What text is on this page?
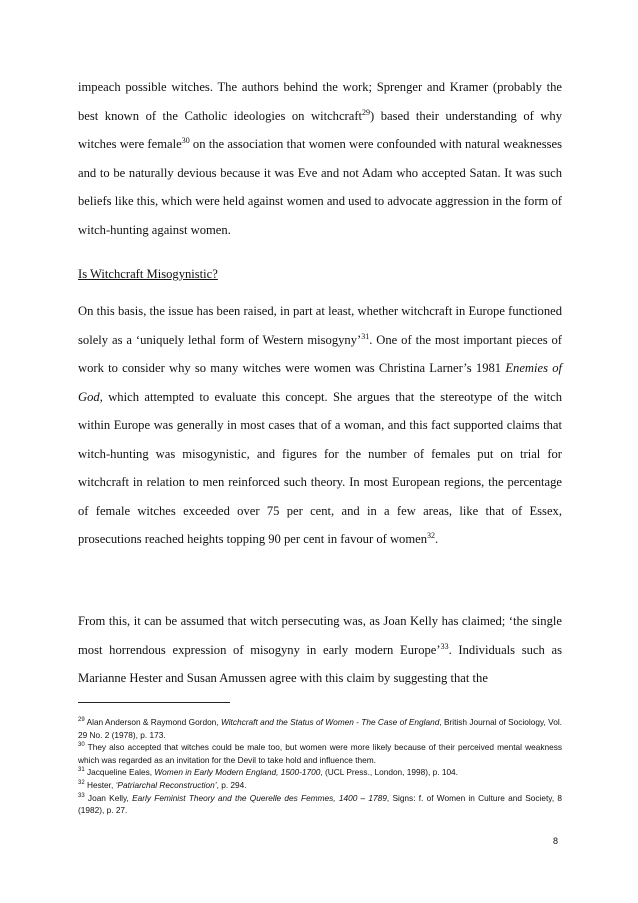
impeach possible witches. The authors behind the work; Sprenger and Kramer (probably the best known of the Catholic ideologies on witchcraft$^{29}$) based their understanding of why witches were female$^{30}$ on the association that women were confounded with natural weaknesses and to be naturally devious because it was Eve and not Adam who accepted Satan. It was such beliefs like this, which were held against women and used to advocate aggression in the form of witch-hunting against women.

Is Witchcraft Misogynistic?

On this basis, the issue has been raised, in part at least, whether witchcraft in Europe functioned solely as a ‘uniquely lethal form of Western misogyny’$^{31}$. One of the most important pieces of work to consider why so many witches were women was Christina Larner’s 1981 Enemies of God, which attempted to evaluate this concept. She argues that the stereotype of the witch within Europe was generally in most cases that of a woman, and this fact supported claims that witch-hunting was misogynistic, and figures for the number of females put on trial for witchcraft in relation to men reinforced such theory. In most European regions, the percentage of female witches exceeded over 75 per cent, and in a few areas, like that of Essex, prosecutions reached heights topping 90 per cent in favour of women$^{32}$.

From this, it can be assumed that witch persecuting was, as Joan Kelly has claimed; ‘the single most horrendous expression of misogyny in early modern Europe’$^{33}$. Individuals such as Marianne Hester and Susan Amussen agree with this claim by suggesting that the

$^{29}$ Alan Anderson & Raymond Gordon, Witchcraft and the Status of Women - The Case of England, British Journal of Sociology, Vol. 29 No. 2 (1978), p. 173.

$^{30}$ They also accepted that witches could be male too, but women were more likely because of their perceived mental weakness which was regarded as an invitation for the Devil to take hold and influence them.

$^{31}$ Jacqueline Eales, Women in Early Modern England, 1500-1700, (UCL Press., London, 1998), p. 104.

$^{32}$ Hester, ‘Patriarchal Reconstruction’, p. 294.

$^{33}$ Joan Kelly, Early Feminist Theory and the Querelle des Femmes, 1400 – 1789, Signs: f. of Women in Culture and Society, 8 (1982), p. 27.

8
